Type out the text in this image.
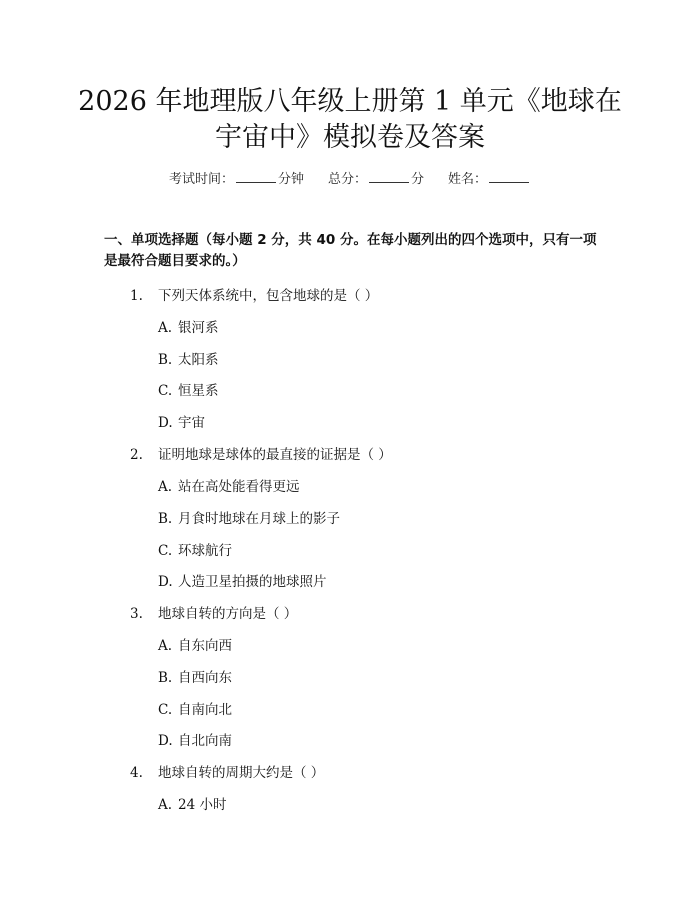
2026 年地理版八年级上册第 1 单元《地球在
宇宙中》模拟卷及答案
考试时间：	分钟 总分：	分 姓名：
一、单项选择题（每小题 2 分，共 40 分。在每小题列出的四个选项中，只有一项
是最符合题目要求的。）
1. 下列天体系统中，包含地球的是（ ）
A. 银河系
B. 太阳系
C. 恒星系
D. 宇宙
2. 证明地球是球体的最直接的证据是（ ）
A. 站在高处能看得更远
B. 月食时地球在月球上的影子
C. 环球航行
D. 人造卫星拍摄的地球照片
3. 地球自转的方向是（ ）
A. 自东向西
B. 自西向东
C. 自南向北
D. 自北向南
4. 地球自转的周期大约是（ ）
A. 24 小时
